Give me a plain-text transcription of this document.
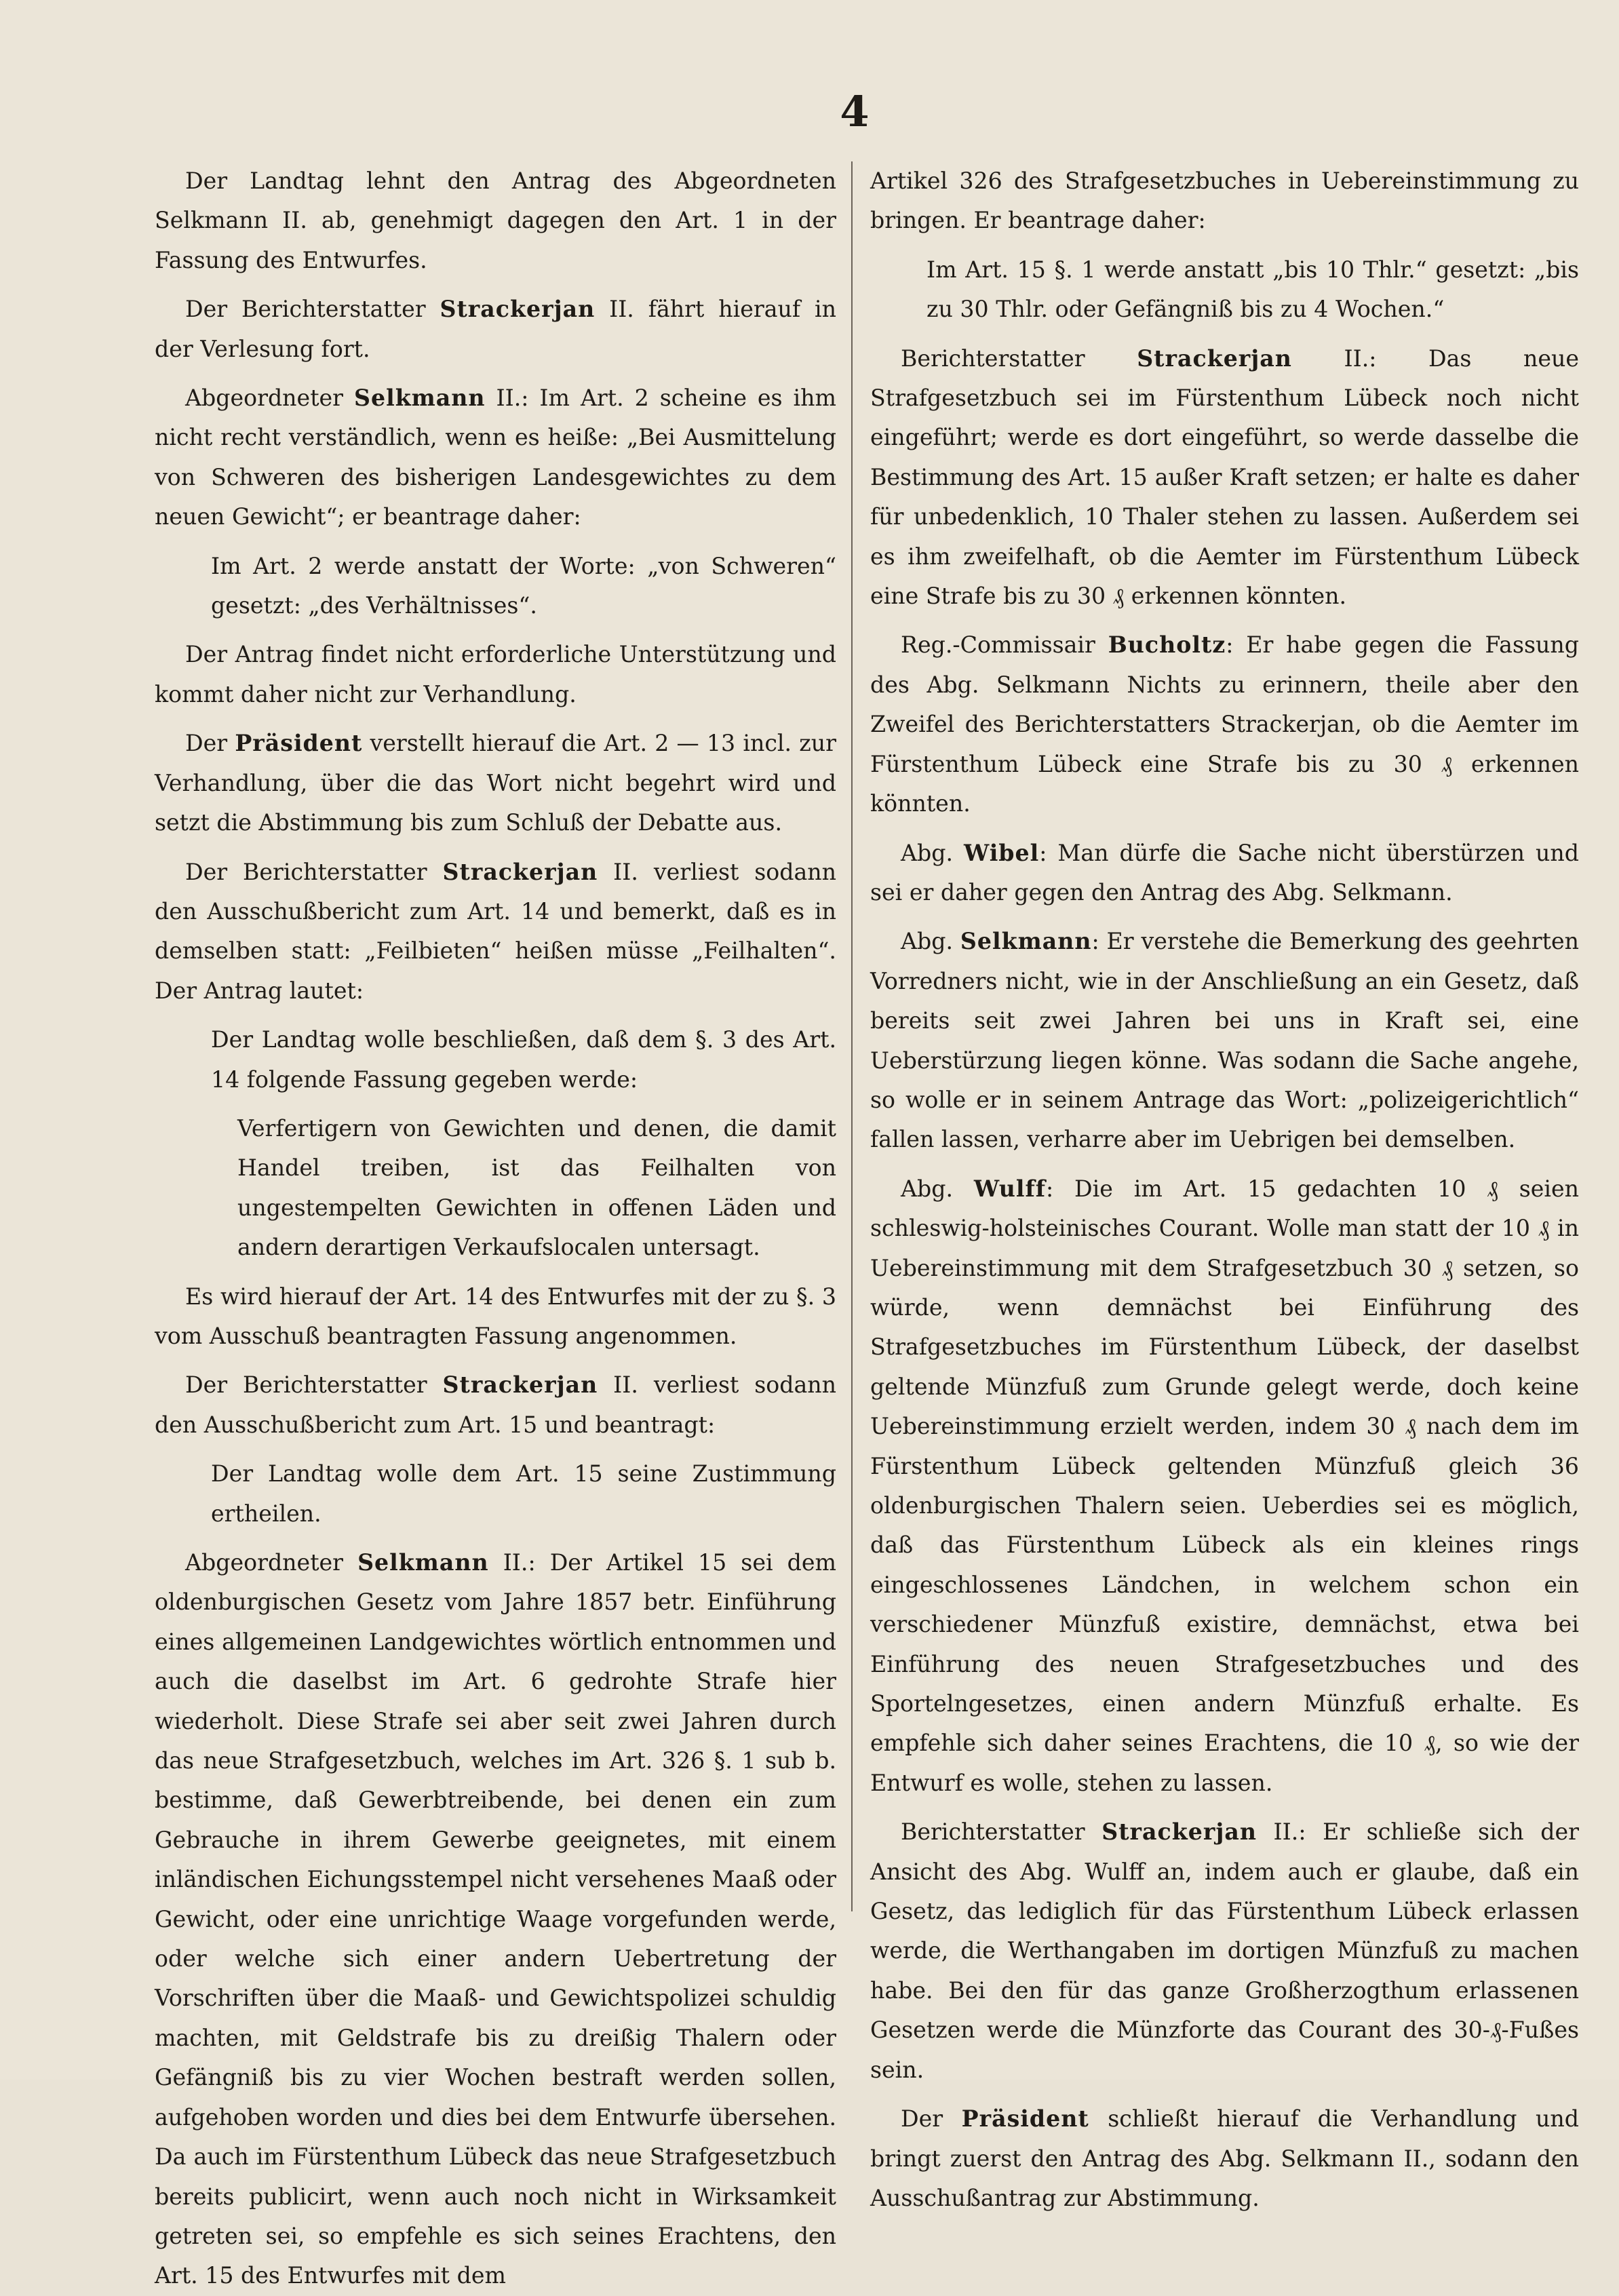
4

Der Landtag lehnt den Antrag des Abgeordneten Selkmann II. ab, genehmigt dagegen den Art. 1 in der Fassung des Entwurfes.

Der Berichterstatter Strackerjan II. fährt hierauf in der Verlesung fort.

Abgeordneter Selkmann II.: Im Art. 2 scheine es ihm nicht recht verständlich, wenn es heiße: „Bei Ausmittelung von Schweren des bisherigen Landesgewichtes zu dem neuen Gewicht“; er beantrage daher:

Im Art. 2 werde anstatt der Worte: „von Schweren“ gesetzt: „des Verhältnisses“.

Der Antrag findet nicht erforderliche Unterstützung und kommt daher nicht zur Verhandlung.

Der Präsident verstellt hierauf die Art. 2 — 13 incl. zur Verhandlung, über die das Wort nicht begehrt wird und setzt die Abstimmung bis zum Schluß der Debatte aus.

Der Berichterstatter Strackerjan II. verliest sodann den Ausschußbericht zum Art. 14 und bemerkt, daß es in demselben statt: „Feilbieten“ heißen müsse „Feilhalten“. Der Antrag lautet:

Der Landtag wolle beschließen, daß dem §. 3 des Art. 14 folgende Fassung gegeben werde:

Verfertigern von Gewichten und denen, die damit Handel treiben, ist das Feilhalten von ungestempelten Gewichten in offenen Läden und andern derartigen Verkaufslocalen untersagt.

Es wird hierauf der Art. 14 des Entwurfes mit der zu §. 3 vom Ausschuß beantragten Fassung angenommen.

Der Berichterstatter Strackerjan II. verliest sodann den Ausschußbericht zum Art. 15 und beantragt:

Der Landtag wolle dem Art. 15 seine Zustimmung ertheilen.

Abgeordneter Selkmann II.: Der Artikel 15 sei dem oldenburgischen Gesetz vom Jahre 1857 betr. Einführung eines allgemeinen Landgewichtes wörtlich entnommen und auch die daselbst im Art. 6 gedrohte Strafe hier wiederholt. Diese Strafe sei aber seit zwei Jahren durch das neue Strafgesetzbuch, welches im Art. 326 §. 1 sub b. bestimme, daß Gewerbtreibende, bei denen ein zum Gebrauche in ihrem Gewerbe geeignetes, mit einem inländischen Eichungsstempel nicht versehenes Maaß oder Gewicht, oder eine unrichtige Waage vorgefunden werde, oder welche sich einer andern Uebertretung der Vorschriften über die Maaß- und Gewichtspolizei schuldig machten, mit Geldstrafe bis zu dreißig Thalern oder Gefängniß bis zu vier Wochen bestraft werden sollen, aufgehoben worden und dies bei dem Entwurfe übersehen. Da auch im Fürstenthum Lübeck das neue Strafgesetzbuch bereits publicirt, wenn auch noch nicht in Wirksamkeit getreten sei, so empfehle es sich seines Erachtens, den Art. 15 des Entwurfes mit dem

Artikel 326 des Strafgesetzbuches in Uebereinstimmung zu bringen. Er beantrage daher:

Im Art. 15 §. 1 werde anstatt „bis 10 Thlr.“ gesetzt: „bis zu 30 Thlr. oder Gefängniß bis zu 4 Wochen.“

Berichterstatter Strackerjan II.: Das neue Strafgesetzbuch sei im Fürstenthum Lübeck noch nicht eingeführt; werde es dort eingeführt, so werde dasselbe die Bestimmung des Art. 15 außer Kraft setzen; er halte es daher für unbedenklich, 10 Thaler stehen zu lassen. Außerdem sei es ihm zweifelhaft, ob die Aemter im Fürstenthum Lübeck eine Strafe bis zu 30 ₰ erkennen könnten.

Reg.-Commissair Bucholtz: Er habe gegen die Fassung des Abg. Selkmann Nichts zu erinnern, theile aber den Zweifel des Berichterstatters Strackerjan, ob die Aemter im Fürstenthum Lübeck eine Strafe bis zu 30 ₰ erkennen könnten.

Abg. Wibel: Man dürfe die Sache nicht überstürzen und sei er daher gegen den Antrag des Abg. Selkmann.

Abg. Selkmann: Er verstehe die Bemerkung des geehrten Vorredners nicht, wie in der Anschließung an ein Gesetz, daß bereits seit zwei Jahren bei uns in Kraft sei, eine Ueberstürzung liegen könne. Was sodann die Sache angehe, so wolle er in seinem Antrage das Wort: „polizeigerichtlich“ fallen lassen, verharre aber im Uebrigen bei demselben.

Abg. Wulff: Die im Art. 15 gedachten 10 ₰ seien schleswig-holsteinisches Courant. Wolle man statt der 10 ₰ in Uebereinstimmung mit dem Strafgesetzbuch 30 ₰ setzen, so würde, wenn demnächst bei Einführung des Strafgesetzbuches im Fürstenthum Lübeck, der daselbst geltende Münzfuß zum Grunde gelegt werde, doch keine Uebereinstimmung erzielt werden, indem 30 ₰ nach dem im Fürstenthum Lübeck geltenden Münzfuß gleich 36 oldenburgischen Thalern seien. Ueberdies sei es möglich, daß das Fürstenthum Lübeck als ein kleines rings eingeschlossenes Ländchen, in welchem schon ein verschiedener Münzfuß existire, demnächst, etwa bei Einführung des neuen Strafgesetzbuches und des Sportelngesetzes, einen andern Münzfuß erhalte. Es empfehle sich daher seines Erachtens, die 10 ₰, so wie der Entwurf es wolle, stehen zu lassen.

Berichterstatter Strackerjan II.: Er schließe sich der Ansicht des Abg. Wulff an, indem auch er glaube, daß ein Gesetz, das lediglich für das Fürstenthum Lübeck erlassen werde, die Werthangaben im dortigen Münzfuß zu machen habe. Bei den für das ganze Großherzogthum erlassenen Gesetzen werde die Münzforte das Courant des 30-₰-Fußes sein.

Der Präsident schließt hierauf die Verhandlung und bringt zuerst den Antrag des Abg. Selkmann II., sodann den Ausschußantrag zur Abstimmung.
